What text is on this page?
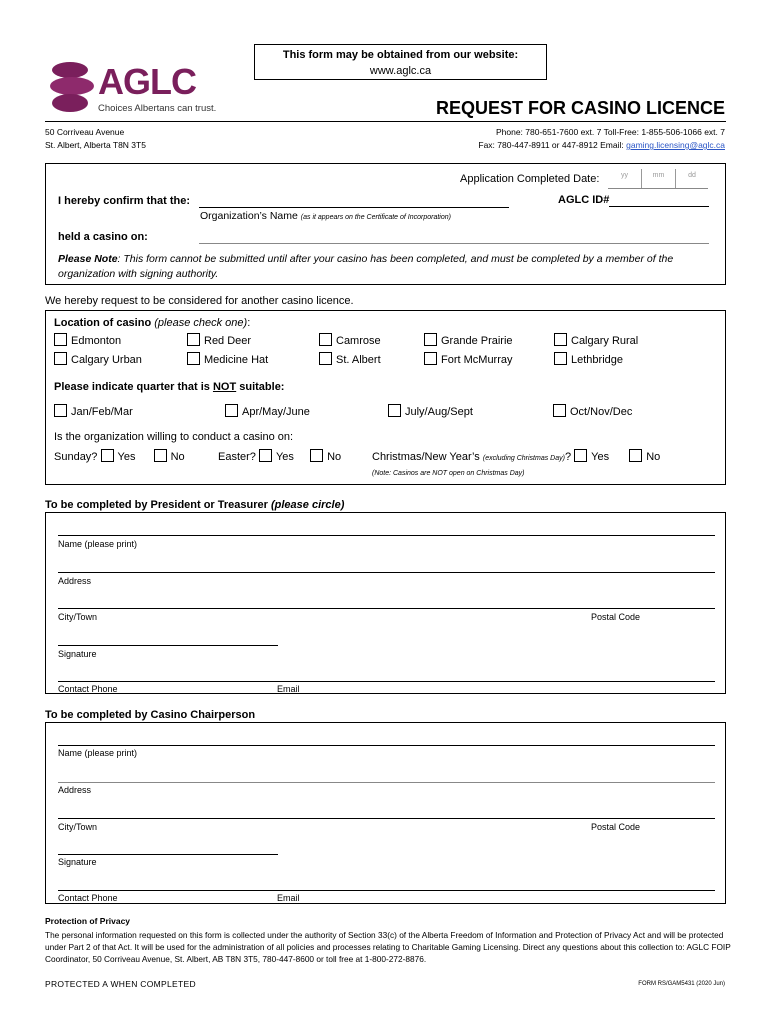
This form may be obtained from our website:
www.aglc.ca
AGLC
Choices Albertans can trust.	REQUEST FOR CASINO LICENCE
50 Corriveau Avenue
St. Albert, Alberta T8N 3T5
Phone: 780-651-7600 ext. 7 Toll-Free: 1-855-506-1066 ext. 7
Fax: 780-447-8911 or 447-8912 Email: gaming.licensing@aglc.ca
Application Completed Date:	yy	mm	dd
I hereby confirm that the:	AGLC ID#
Organization’s Name (as it appears on the Certificate of Incorporation)
held a casino on:
Please Note: This form cannot be submitted until after your casino has been completed, and must be completed by a member of the organization with signing authority.
We hereby request to be considered for another casino licence.
Location of casino (please check one):
Edmonton	Red Deer	Camrose	Grande Prairie	Calgary Rural
Calgary Urban	Medicine Hat	St. Albert	Fort McMurray	Lethbridge
Please indicate quarter that is NOT suitable:
Jan/Feb/Mar	Apr/May/June	July/Aug/Sept	Oct/Nov/Dec
Is the organization willing to conduct a casino on:
Sunday? Yes	No	Easter? Yes	No	Christmas/New Year’s (excluding Christmas Day)? Yes	No
(Note: Casinos are NOT open on Christmas Day)
To be completed by President or Treasurer (please circle)
Name (please print)
Address
City/Town	Postal Code
Signature
Contact Phone	Email
To be completed by Casino Chairperson
Name (please print)
Address
City/Town	Postal Code
Signature
Contact Phone	Email
Protection of Privacy
The personal information requested on this form is collected under the authority of Section 33(c) of the Alberta Freedom of Information and Protection of Privacy Act and will be protected under Part 2 of that Act. It will be used for the administration of all policies and processes relating to Charitable Gaming Licensing. Direct any questions about this collection to: AGLC FOIP Coordinator, 50 Corriveau Avenue, St. Albert, AB T8N 3T5, 780-447-8600 or toll free at 1-800-272-8876.
PROTECTED A WHEN COMPLETED	FORM RS/GAM5431 (2020 Jun)
